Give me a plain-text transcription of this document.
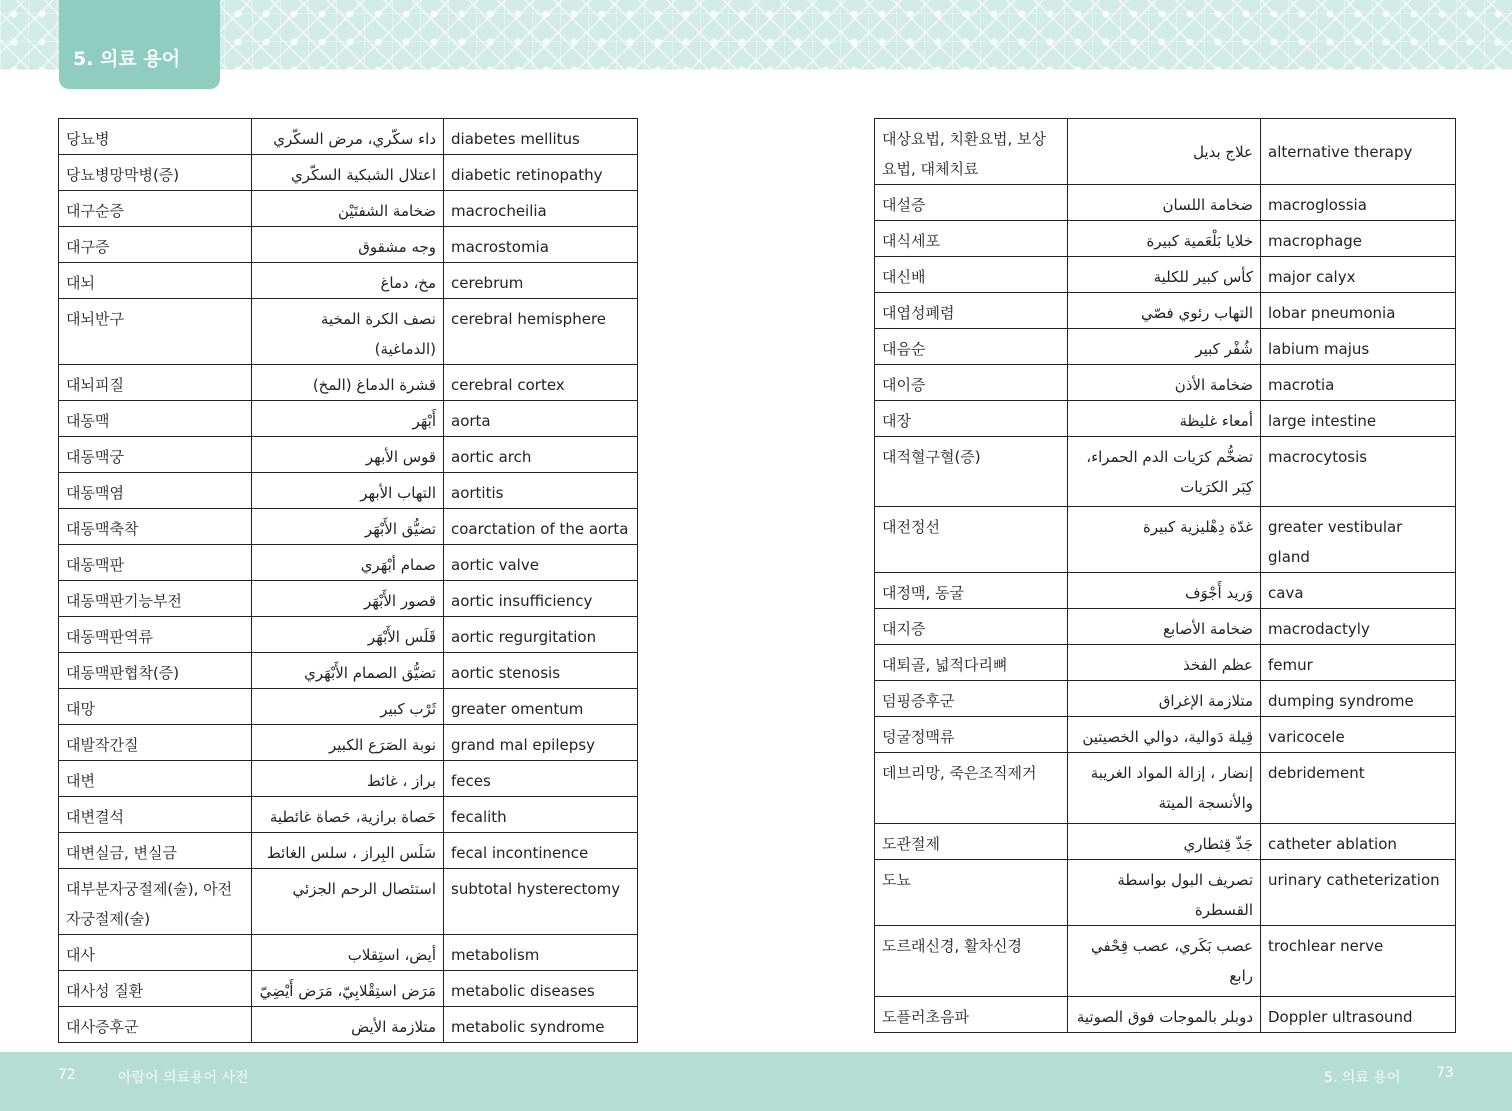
5. 의료 용어
당뇨병	داء سكّري، مرض السكّري	diabetes mellitus
당뇨병망막병(증)	اعتلال الشبكية السكّري	diabetic retinopathy
대구순증	ضخامة الشفتَيْن	macrocheilia
대구증	وجه مشقوق	macrostomia
대뇌	مخ، دماغ	cerebrum
대뇌반구	نصف الكرة المخية (الدماغية)	cerebral hemisphere
대뇌피질	قشرة الدماغ (المخ)	cerebral cortex
대동맥	أَبْهَر	aorta
대동맥궁	قوس الأبهر	aortic arch
대동맥염	التهاب الأبهر	aortitis
대동맥축착	تضيُّق الأَبْهَر	coarctation of the aorta
대동맥판	صمام أبْهَري	aortic valve
대동맥판기능부전	قصور الأَبْهَر	aortic insufficiency
대동맥판역류	قَلَس الأَبْهَر	aortic regurgitation
대동맥판협착(증)	تضيُّق الصمام الأَبْهَري	aortic stenosis
대망	ثَرْب كبير	greater omentum
대발작간질	نوبة الصَرَع الكبير	grand mal epilepsy
대변	براز ، غائط	feces
대변결석	حَصاة برازية، حَصاة غائطية	fecalith
대변실금, 변실금	سَلَس البِراز ، سلس الغائط	fecal incontinence
대부분자궁절제(술), 아전자궁절제(술)	استئصال الرحم الجزئي	subtotal hysterectomy
대사	أيض، استِقلاب	metabolism
대사성 질환	مَرَض استِقْلابِيّ، مَرَض أَيْضِيّ	metabolic diseases
대사증후군	متلازمة الأيض	metabolic syndrome
대상요법, 치환요법, 보상요법, 대체치료	علاج بديل	alternative therapy
대설증	ضخامة اللسان	macroglossia
대식세포	خلايا بَلْعَمية كبيرة	macrophage
대신배	كأس كبير للكلية	major calyx
대엽성폐렴	التهاب رئوي فصّي	lobar pneumonia
대음순	شُفْر كبير	labium majus
대이증	ضخامة الأذن	macrotia
대장	أمعاء غليظة	large intestine
대적혈구혈(증)	تضخُّم كرَيات الدم الحمراء، كِبَر الكرَيات	macrocytosis
대전정선	غدّة دِهْليزية كبيرة	greater vestibular gland
대정맥, 동굴	وَريد أَجْوَف	cava
대지증	ضخامة الأصابع	macrodactyly
대퇴골, 넓적다리뼈	عظم الفخذ	femur
덤핑증후군	متلازمة الإغراق	dumping syndrome
덩굴정맥류	قِيلة دَوالية، دوالي الخصيتين	varicocele
데브리망, 죽은조직제거	إنضار ، إزالة المواد الغريبة والأنسجة الميتة	debridement
도관절제	جَذّ قِثطاري	catheter ablation
도뇨	تصريف البول بواسطة القسطرة	urinary catheterization
도르래신경, 활차신경	عصب بَكَري، عصب قِحْفي رابع	trochlear nerve
도플러초음파	دوبلر بالموجات فوق الصوتية	Doppler ultrasound
72	아랍어 의료용어 사전	5. 의료 용어	73
